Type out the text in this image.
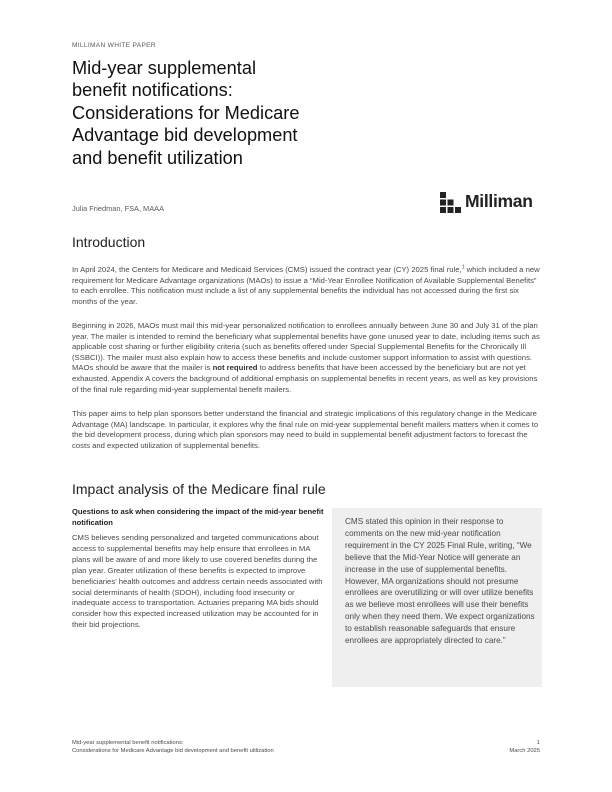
MILLIMAN WHITE PAPER
Mid-year supplemental
benefit notifications:
Considerations for Medicare
Advantage bid development
and benefit utilization
Julia Friedman, FSA, MAAA	Milliman
Introduction
In April 2024, the Centers for Medicare and Medicaid Services (CMS) issued the contract year (CY) 2025 final rule,$^1$ which included a new requirement for Medicare Advantage organizations (MAOs) to issue a “Mid-Year Enrollee Notification of Available Supplemental Benefits” to each enrollee. This notification must include a list of any supplemental benefits the individual has not accessed during the first six months of the year.
Beginning in 2026, MAOs must mail this mid-year personalized notification to enrollees annually between June 30 and July 31 of the plan year. The mailer is intended to remind the beneficiary what supplemental benefits have gone unused year to date, including items such as applicable cost sharing or further eligibility criteria (such as benefits offered under Special Supplemental Benefits for the Chronically Ill (SSBCI)). The mailer must also explain how to access these benefits and include customer support information to assist with questions. MAOs should be aware that the mailer is not required to address benefits that have been accessed by the beneficiary but are not yet exhausted. Appendix A covers the background of additional emphasis on supplemental benefits in recent years, as well as key provisions of the final rule regarding mid-year supplemental benefit mailers.
This paper aims to help plan sponsors better understand the financial and strategic implications of this regulatory change in the Medicare Advantage (MA) landscape. In particular, it explores why the final rule on mid-year supplemental benefit mailers matters when it comes to the bid development process, during which plan sponsors may need to build in supplemental benefit adjustment factors to forecast the costs and expected utilization of supplemental benefits.
Impact analysis of the Medicare final rule
Questions to ask when considering the impact of the mid-year benefit notification
CMS believes sending personalized and targeted communications about access to supplemental benefits may help ensure that enrollees in MA plans will be aware of and more likely to use covered benefits during the plan year. Greater utilization of these benefits is expected to improve beneficiaries’ health outcomes and address certain needs associated with social determinants of health (SDOH), including food insecurity or inadequate access to transportation. Actuaries preparing MA bids should consider how this expected increased utilization may be accounted for in their bid projections.
CMS stated this opinion in their response to comments on the new mid-year notification requirement in the CY 2025 Final Rule, writing, “We believe that the Mid-Year Notice will generate an increase in the use of supplemental benefits. However, MA organizations should not presume enrollees are overutilizing or will over utilize benefits as we believe most enrollees will use their benefits only when they need them. We expect organizations to establish reasonable safeguards that ensure enrollees are appropriately directed to care.”
Mid-year supplemental benefit notifications:
Considerations for Medicare Advantage bid development and benefit utilization
1
March 2025
